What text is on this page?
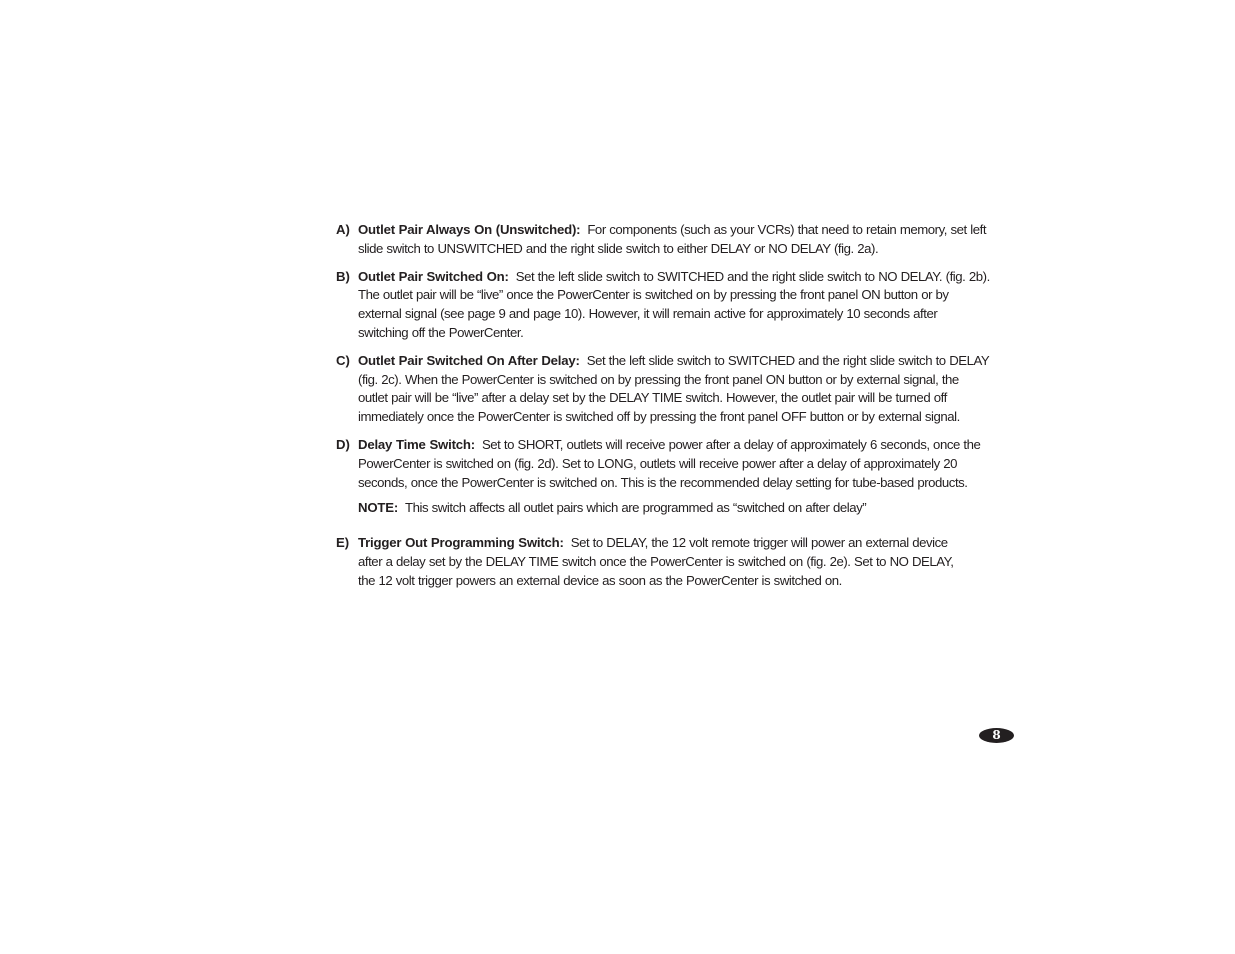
A) Outlet Pair Always On (Unswitched): For components (such as your VCRs) that need to retain memory, set left slide switch to UNSWITCHED and the right slide switch to either DELAY or NO DELAY (fig. 2a).
B) Outlet Pair Switched On: Set the left slide switch to SWITCHED and the right slide switch to NO DELAY. (fig. 2b). The outlet pair will be “live” once the PowerCenter is switched on by pressing the front panel ON button or by external signal (see page 9 and page 10). However, it will remain active for approximately 10 seconds after switching off the PowerCenter.
C) Outlet Pair Switched On After Delay: Set the left slide switch to SWITCHED and the right slide switch to DELAY (fig. 2c). When the PowerCenter is switched on by pressing the front panel ON button or by external signal, the outlet pair will be “live” after a delay set by the DELAY TIME switch. However, the outlet pair will be turned off immediately once the PowerCenter is switched off by pressing the front panel OFF button or by external signal.
D) Delay Time Switch: Set to SHORT, outlets will receive power after a delay of approximately 6 seconds, once the PowerCenter is switched on (fig. 2d). Set to LONG, outlets will receive power after a delay of approximately 20 seconds, once the PowerCenter is switched on. This is the recommended delay setting for tube-based products.
NOTE: This switch affects all outlet pairs which are programmed as “switched on after delay”
E) Trigger Out Programming Switch: Set to DELAY, the 12 volt remote trigger will power an external device after a delay set by the DELAY TIME switch once the PowerCenter is switched on (fig. 2e). Set to NO DELAY, the 12 volt trigger powers an external device as soon as the PowerCenter is switched on.
8
